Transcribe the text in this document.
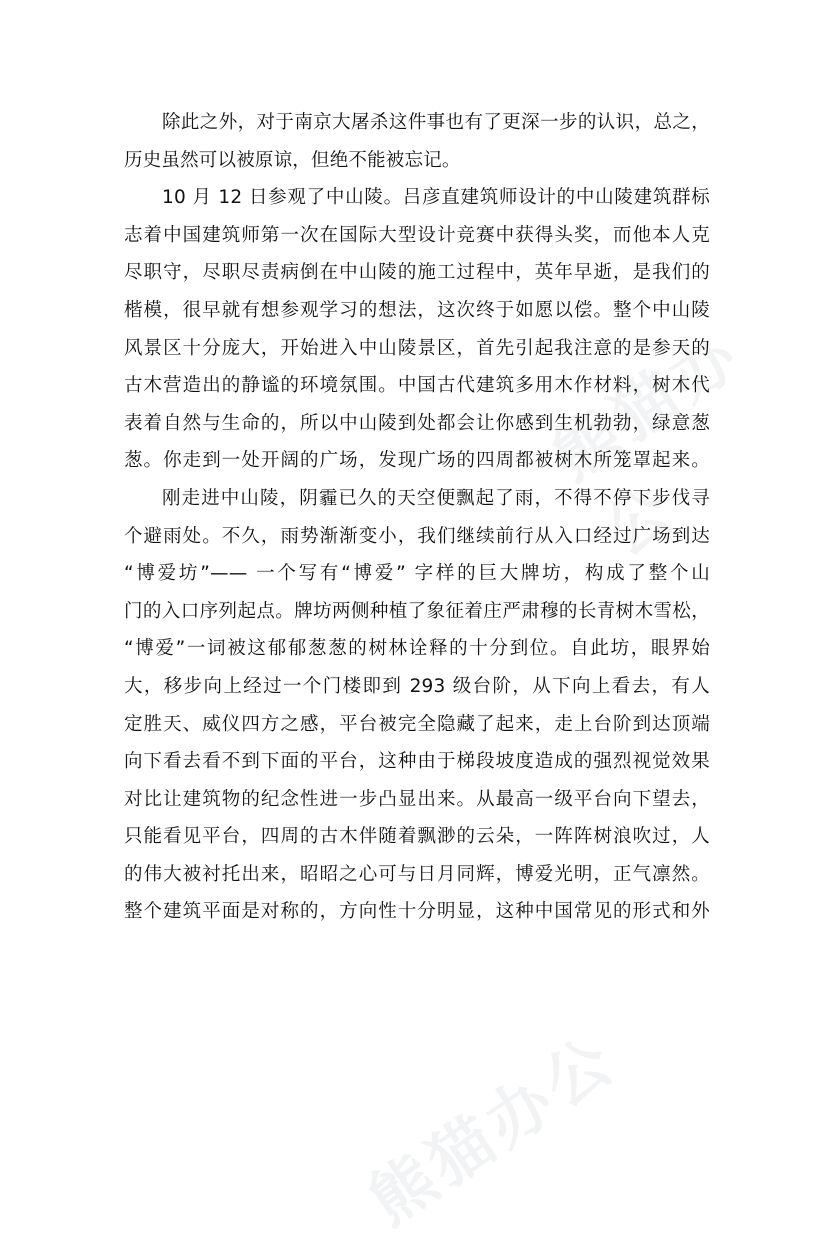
熊猫办公
熊猫办公
除此之外，对于南京大屠杀这件事也有了更深一步的认识，总之，
历史虽然可以被原谅，但绝不能被忘记。
10 月 12 日参观了中山陵。吕彦直建筑师设计的中山陵建筑群标
志着中国建筑师第一次在国际大型设计竞赛中获得头奖，而他本人克
尽职守，尽职尽责病倒在中山陵的施工过程中，英年早逝，是我们的
楷模，很早就有想参观学习的想法，这次终于如愿以偿。整个中山陵
风景区十分庞大，开始进入中山陵景区，首先引起我注意的是参天的
古木营造出的静谧的环境氛围。中国古代建筑多用木作材料，树木代
表着自然与生命的，所以中山陵到处都会让你感到生机勃勃，绿意葱
葱。你走到一处开阔的广场，发现广场的四周都被树木所笼罩起来。
刚走进中山陵，阴霾已久的天空便飘起了雨，不得不停下步伐寻
个避雨处。不久，雨势渐渐变小，我们继续前行从入口经过广场到达
“博爱坊”—— 一个写有“博爱” 字样的巨大牌坊，构成了整个山
门的入口序列起点。牌坊两侧种植了象征着庄严肃穆的长青树木雪松，
“博爱”一词被这郁郁葱葱的树林诠释的十分到位。自此坊，眼界始
大，移步向上经过一个门楼即到 293 级台阶，从下向上看去，有人
定胜天、威仪四方之感，平台被完全隐藏了起来，走上台阶到达顶端
向下看去看不到下面的平台，这种由于梯段坡度造成的强烈视觉效果
对比让建筑物的纪念性进一步凸显出来。从最高一级平台向下望去，
只能看见平台，四周的古木伴随着飘渺的云朵，一阵阵树浪吹过，人
的伟大被衬托出来，昭昭之心可与日月同辉，博爱光明，正气凛然。
整个建筑平面是对称的，方向性十分明显，这种中国常见的形式和外
